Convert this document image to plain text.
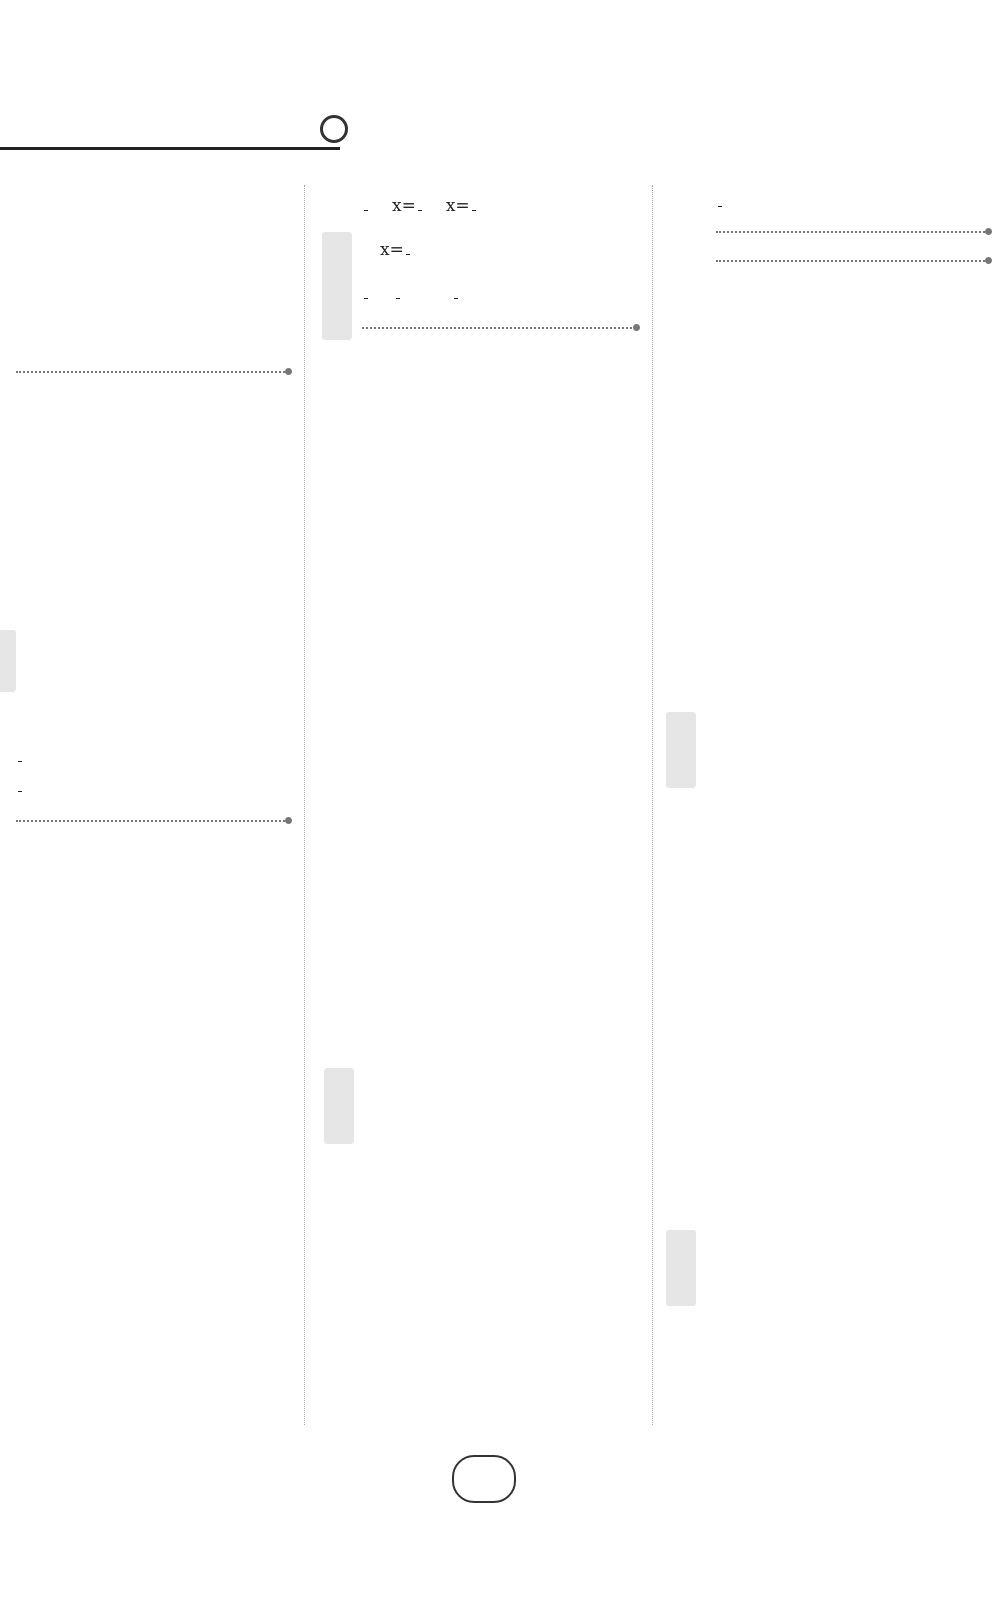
x= x=
x=
